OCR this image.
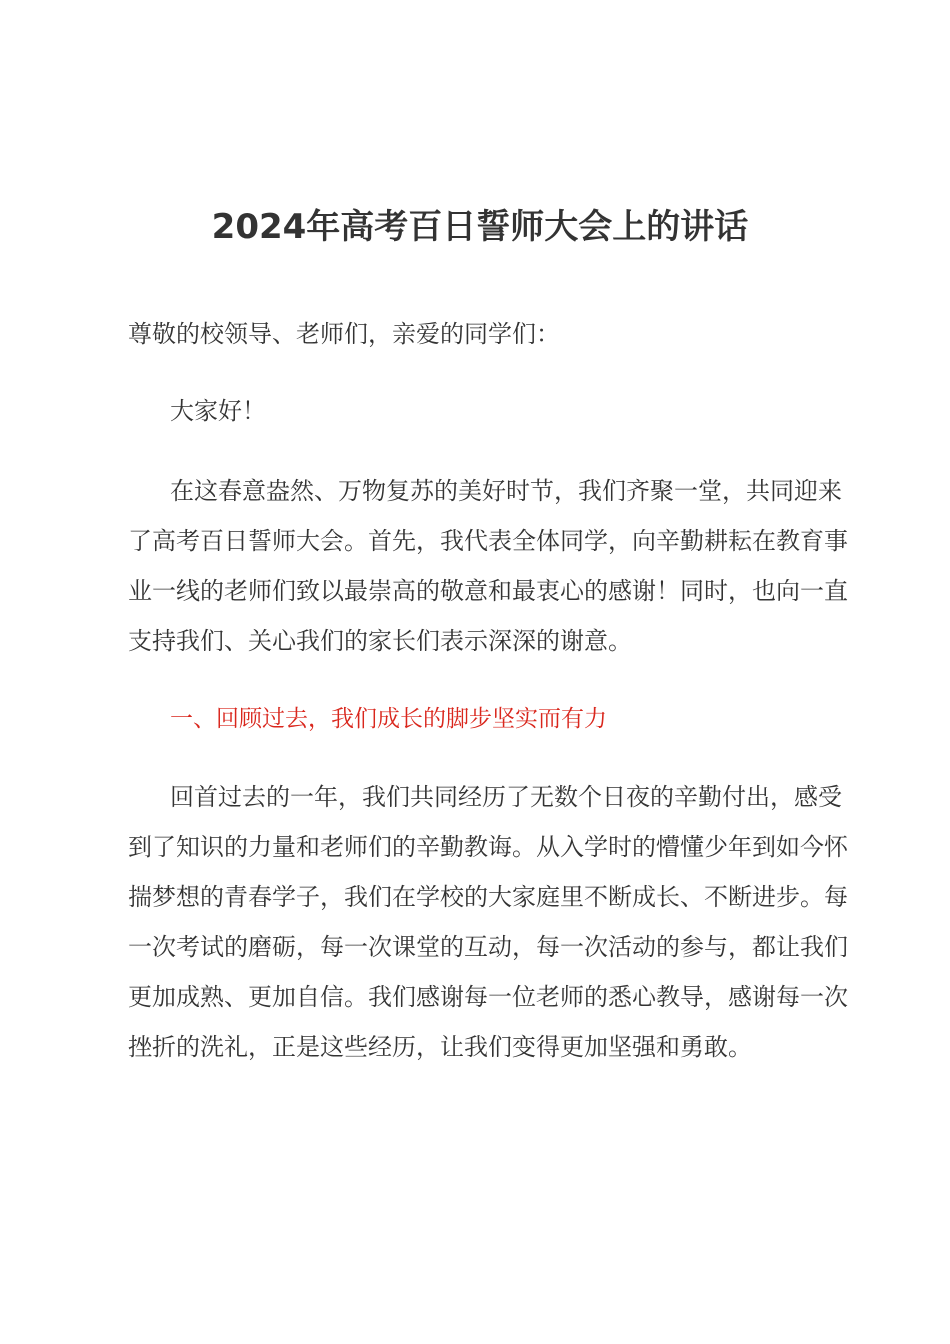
2024年高考百日誓师大会上的讲话

尊敬的校领导、老师们，亲爱的同学们：

大家好！

在这春意盎然、万物复苏的美好时节，我们齐聚一堂，共同迎来了高考百日誓师大会。首先，我代表全体同学，向辛勤耕耘在教育事业一线的老师们致以最崇高的敬意和最衷心的感谢！同时，也向一直支持我们、关心我们的家长们表示深深的谢意。

一、回顾过去，我们成长的脚步坚实而有力

回首过去的一年，我们共同经历了无数个日夜的辛勤付出，感受到了知识的力量和老师们的辛勤教诲。从入学时的懵懂少年到如今怀揣梦想的青春学子，我们在学校的大家庭里不断成长、不断进步。每一次考试的磨砺，每一次课堂的互动，每一次活动的参与，都让我们更加成熟、更加自信。我们感谢每一位老师的悉心教导，感谢每一次挫折的洗礼，正是这些经历，让我们变得更加坚强和勇敢。
